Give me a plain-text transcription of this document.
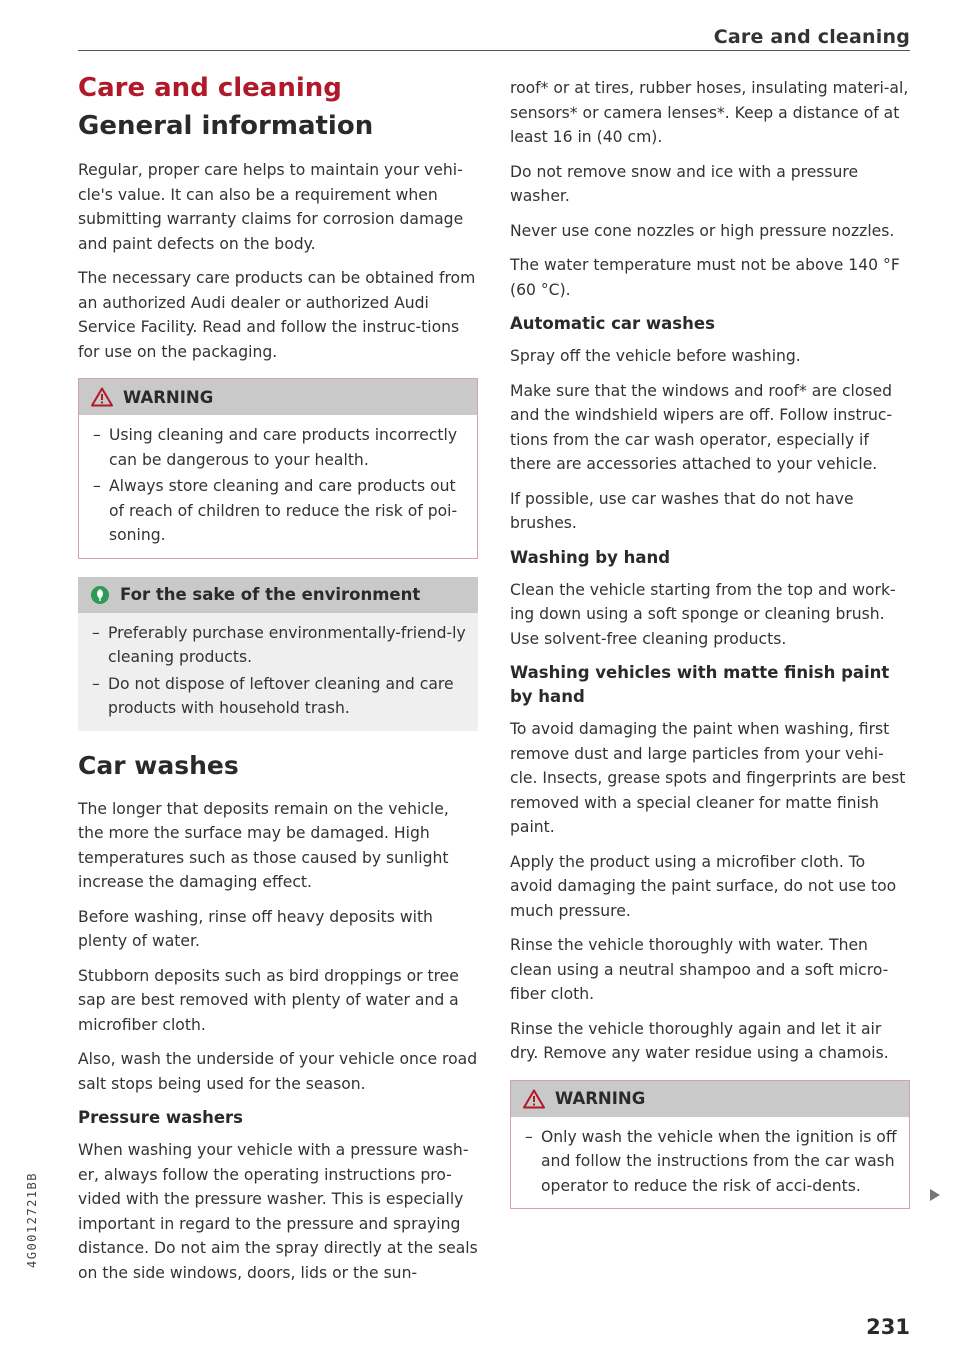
Care and cleaning
Care and cleaning
General information

Regular, proper care helps to maintain your vehi-cle's value. It can also be a requirement when submitting warranty claims for corrosion damage and paint defects on the body.

The necessary care products can be obtained from an authorized Audi dealer or authorized Audi Service Facility. Read and follow the instruc-tions for use on the packaging.

WARNING
– Using cleaning and care products incorrectly can be dangerous to your health.
– Always store cleaning and care products out of reach of children to reduce the risk of poi-soning.
For the sake of the environment
– Preferably purchase environmentally-friend-ly cleaning products.
– Do not dispose of leftover cleaning and care products with household trash.
Car washes

The longer that deposits remain on the vehicle, the more the surface may be damaged. High temperatures such as those caused by sunlight increase the damaging effect.

Before washing, rinse off heavy deposits with plenty of water.

Stubborn deposits such as bird droppings or tree sap are best removed with plenty of water and a microfiber cloth.

Also, wash the underside of your vehicle once road salt stops being used for the season.

Pressure washers

When washing your vehicle with a pressure wash-er, always follow the operating instructions pro-vided with the pressure washer. This is especially important in regard to the pressure and spraying distance. Do not aim the spray directly at the seals on the side windows, doors, lids or the sun-

roof* or at tires, rubber hoses, insulating materi-al, sensors* or camera lenses*. Keep a distance of at least 16 in (40 cm).

Do not remove snow and ice with a pressure washer.

Never use cone nozzles or high pressure nozzles.

The water temperature must not be above 140 °F (60 °C).

Automatic car washes

Spray off the vehicle before washing.

Make sure that the windows and roof* are closed and the windshield wipers are off. Follow instruc-tions from the car wash operator, especially if there are accessories attached to your vehicle.

If possible, use car washes that do not have brushes.

Washing by hand

Clean the vehicle starting from the top and work-ing down using a soft sponge or cleaning brush. Use solvent-free cleaning products.

Washing vehicles with matte finish paint by hand

To avoid damaging the paint when washing, first remove dust and large particles from your vehi-cle. Insects, grease spots and fingerprints are best removed with a special cleaner for matte finish paint.

Apply the product using a microfiber cloth. To avoid damaging the paint surface, do not use too much pressure.

Rinse the vehicle thoroughly with water. Then clean using a neutral shampoo and a soft micro-fiber cloth.

Rinse the vehicle thoroughly again and let it air dry. Remove any water residue using a chamois.

WARNING
– Only wash the vehicle when the ignition is off and follow the instructions from the car wash operator to reduce the risk of acci-dents.
231
4G0012721BB
